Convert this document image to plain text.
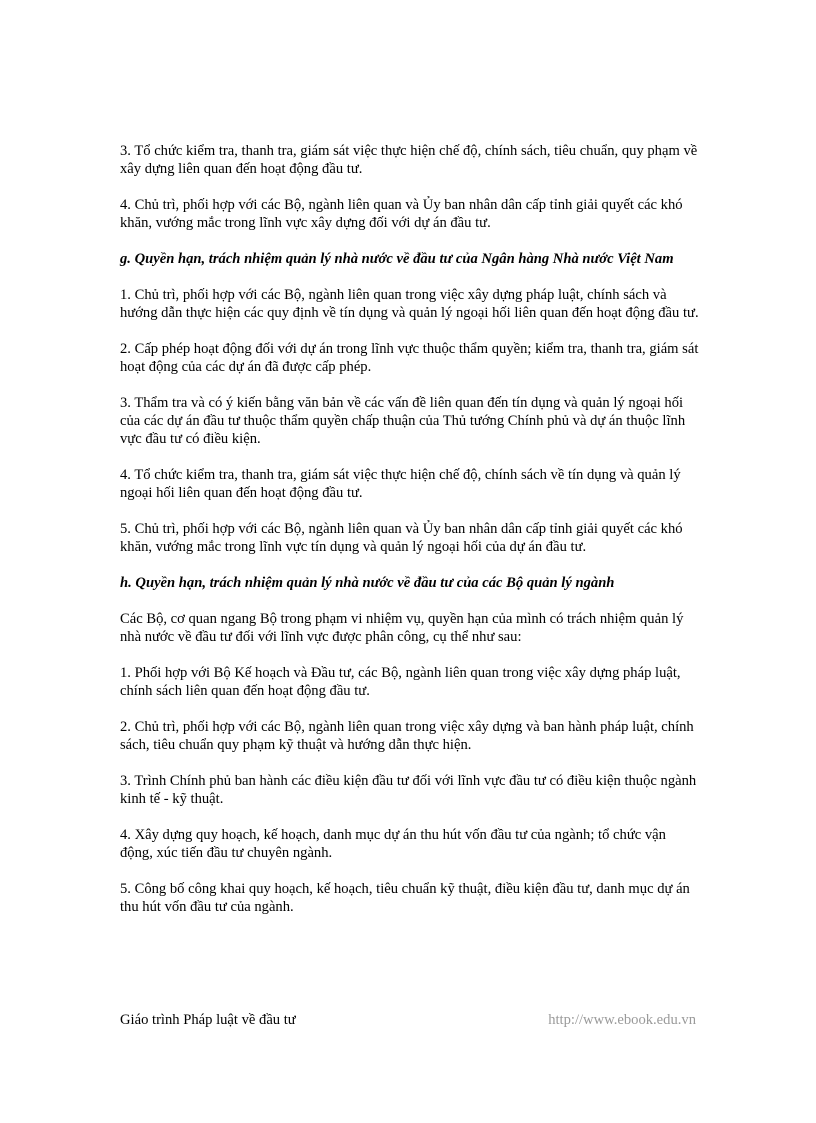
3. Tổ chức kiểm tra, thanh tra, giám sát việc thực hiện chế độ, chính sách, tiêu chuẩn, quy phạm về xây dựng liên quan đến hoạt động đầu tư.

4. Chủ trì, phối hợp với các Bộ, ngành liên quan và Ủy ban nhân dân cấp tỉnh giải quyết các khó khăn, vướng mắc trong lĩnh vực xây dựng đối với dự án đầu tư.

g. Quyền hạn, trách nhiệm quản lý nhà nước về đầu tư của Ngân hàng Nhà nước Việt Nam

1. Chủ trì, phối hợp với các Bộ, ngành liên quan trong việc xây dựng pháp luật, chính sách và hướng dẫn thực hiện các quy định về tín dụng và quản lý ngoại hối liên quan đến hoạt động đầu tư.

2. Cấp phép hoạt động đối với dự án trong lĩnh vực thuộc thẩm quyền; kiểm tra, thanh tra, giám sát hoạt động của các dự án đã được cấp phép.

3. Thẩm tra và có ý kiến bằng văn bản về các vấn đề liên quan đến tín dụng và quản lý ngoại hối của các dự án đầu tư thuộc thẩm quyền chấp thuận của Thủ tướng Chính phủ và dự án thuộc lĩnh vực đầu tư có điều kiện.

4. Tổ chức kiểm tra, thanh tra, giám sát việc thực hiện chế độ, chính sách về tín dụng và quản lý ngoại hối liên quan đến hoạt động đầu tư.

5. Chủ trì, phối hợp với các Bộ, ngành liên quan và Ủy ban nhân dân cấp tỉnh giải quyết các khó khăn, vướng mắc trong lĩnh vực tín dụng và quản lý ngoại hối của dự án đầu tư.

h. Quyền hạn, trách nhiệm quản lý nhà nước về đầu tư của các Bộ quản lý ngành

Các Bộ, cơ quan ngang Bộ trong phạm vi nhiệm vụ, quyền hạn của mình có trách nhiệm quản lý nhà nước về đầu tư đối với lĩnh vực được phân công, cụ thể như sau:

1. Phối hợp với Bộ Kế hoạch và Đầu tư, các Bộ, ngành liên quan trong việc xây dựng pháp luật, chính sách liên quan đến hoạt động đầu tư.

2. Chủ trì, phối hợp với các Bộ, ngành liên quan trong việc xây dựng và ban hành pháp luật, chính sách, tiêu chuẩn quy phạm kỹ thuật và hướng dẫn thực hiện.

3. Trình Chính phủ ban hành các điều kiện đầu tư đối với lĩnh vực đầu tư có điều kiện thuộc ngành kinh tế - kỹ thuật.

4. Xây dựng quy hoạch, kế hoạch, danh mục dự án thu hút vốn đầu tư của ngành; tổ chức vận động, xúc tiến đầu tư chuyên ngành.

5. Công bố công khai quy hoạch, kế hoạch, tiêu chuẩn kỹ thuật, điều kiện đầu tư, danh mục dự án thu hút vốn đầu tư của ngành.

Giáo trình Pháp luật về đầu tư	http://www.ebook.edu.vn
